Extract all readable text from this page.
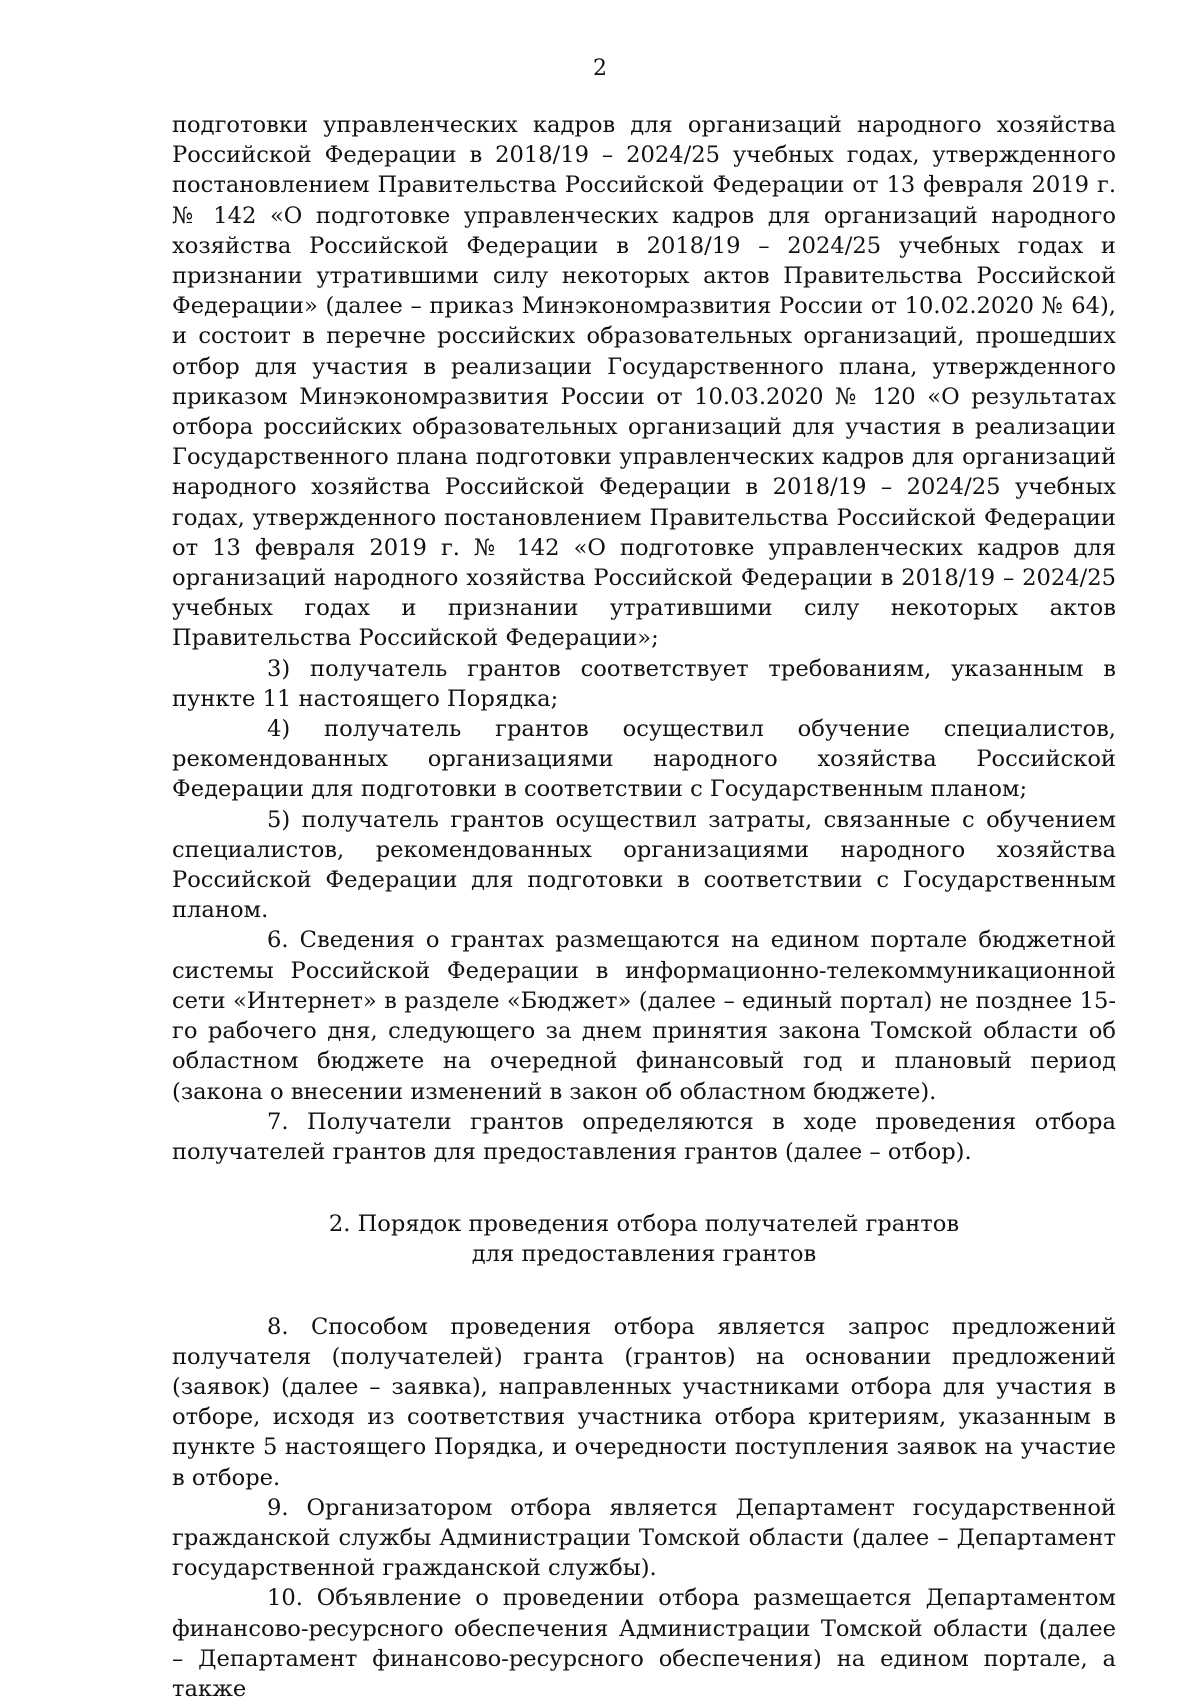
2

подготовки управленческих кадров для организаций народного хозяйства Российской Федерации в 2018/19 – 2024/25 учебных годах, утвержденного постановлением Правительства Российской Федерации от 13 февраля 2019 г. № 142 «О подготовке управленческих кадров для организаций народного хозяйства Российской Федерации в 2018/19 – 2024/25 учебных годах и признании утратившими силу некоторых актов Правительства Российской Федерации» (далее – приказ Минэкономразвития России от 10.02.2020 № 64), и состоит в перечне российских образовательных организаций, прошедших отбор для участия в реализации Государственного плана, утвержденного приказом Минэкономразвития России от 10.03.2020 № 120 «О результатах отбора российских образовательных организаций для участия в реализации Государственного плана подготовки управленческих кадров для организаций народного хозяйства Российской Федерации в 2018/19 – 2024/25 учебных годах, утвержденного постановлением Правительства Российской Федерации от 13 февраля 2019 г. № 142 «О подготовке управленческих кадров для организаций народного хозяйства Российской Федерации в 2018/19 – 2024/25 учебных годах и признании утратившими силу некоторых актов Правительства Российской Федерации»;

3) получатель грантов соответствует требованиям, указанным в пункте 11 настоящего Порядка;

4) получатель грантов осуществил обучение специалистов, рекомендованных организациями народного хозяйства Российской Федерации для подготовки в соответствии с Государственным планом;

5) получатель грантов осуществил затраты, связанные с обучением специалистов, рекомендованных организациями народного хозяйства Российской Федерации для подготовки в соответствии с Государственным планом.

6. Сведения о грантах размещаются на едином портале бюджетной системы Российской Федерации в информационно-телекоммуникационной сети «Интернет» в разделе «Бюджет» (далее – единый портал) не позднее 15-го рабочего дня, следующего за днем принятия закона Томской области об областном бюджете на очередной финансовый год и плановый период (закона о внесении изменений в закон об областном бюджете).

7. Получатели грантов определяются в ходе проведения отбора получателей грантов для предоставления грантов (далее – отбор).

2. Порядок проведения отбора получателей грантов
для предоставления грантов

8. Способом проведения отбора является запрос предложений получателя (получателей) гранта (грантов) на основании предложений (заявок) (далее – заявка), направленных участниками отбора для участия в отборе, исходя из соответствия участника отбора критериям, указанным в пункте 5 настоящего Порядка, и очередности поступления заявок на участие в отборе.

9. Организатором отбора является Департамент государственной гражданской службы Администрации Томской области (далее – Департамент государственной гражданской службы).

10. Объявление о проведении отбора размещается Департаментом финансово-ресурсного обеспечения Администрации Томской области (далее – Департамент финансово-ресурсного обеспечения) на едином портале, а также
